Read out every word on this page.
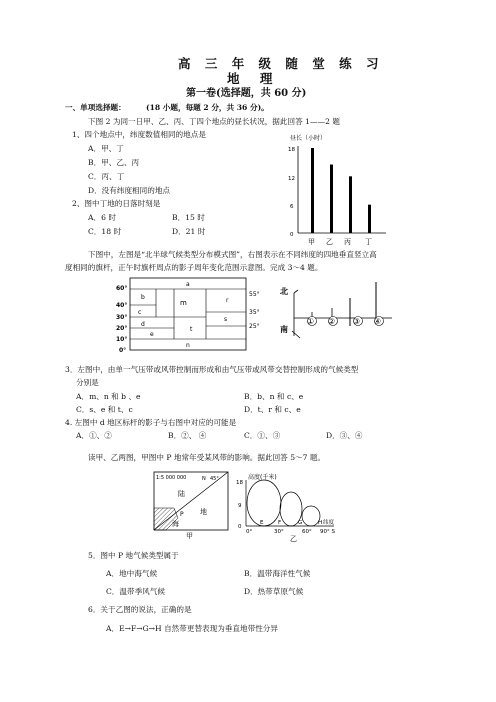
高 三 年 级 随 堂 练 习
地 理
第一卷(选择题，共 60 分)
一、单项选择题：	(18 小题，每题 2 分，共 36 分)。
下图 2 为同一日甲、乙、丙、丁四个地点的昼长状况，据此回答 1——2 题
1、四个地点中，纬度数值相同的地点是
A．甲、丁
B．甲、乙、丙
C．丙、丁
D．没有纬度相同的地点
2、图中丁地的日落时刻是
A．6 时	B．15 时
C．18 时	D．21 时
昼长（小时）
18
12
6
0
甲 乙 丙 丁
下图中，左图是“北半球气候类型分布模式图”，右图表示在不同纬度的四地垂直竖立高
度相同的旗杆，正午时旗杆周点的影子周年变化范围示意图。完成 3～4 题。
60°
40°
30°
20°
10°
0°
55°
35°
25°
a
b
m	r
c
d
s
t
e
n
北
南
① ② ③ ④
3．左图中，由单一气压带或风带控制而形成和由气压带或风带交替控制形成的气候类型
分别是
A．m、n 和 b 、e	B．b、n 和 c、e
C．s、e 和 t、c	D．t、r 和 c、e
4. 左图中 d 地区标杆的影子与右图中对应的可能是
A．①、②	B．②、 ④	C．①、③	D．③、④
读甲、乙两图，甲图中 P 地常年受某风带的影响。据此回答 5～7 题。
1:5 000 000	N 45°
陆
地
海
P
甲
高度(千米)
18
9
0
E	F	G	H 纬度
0°	30°	60° 90° S
乙
5．图中 P 地气候类型属于
A．地中海气候	B．温带海洋性气候
C．温带季风气候	D．热带草原气候
6．关于乙图的说法，正确的是
A．E→F→G→H 自然带更替表现为垂直地带性分异
